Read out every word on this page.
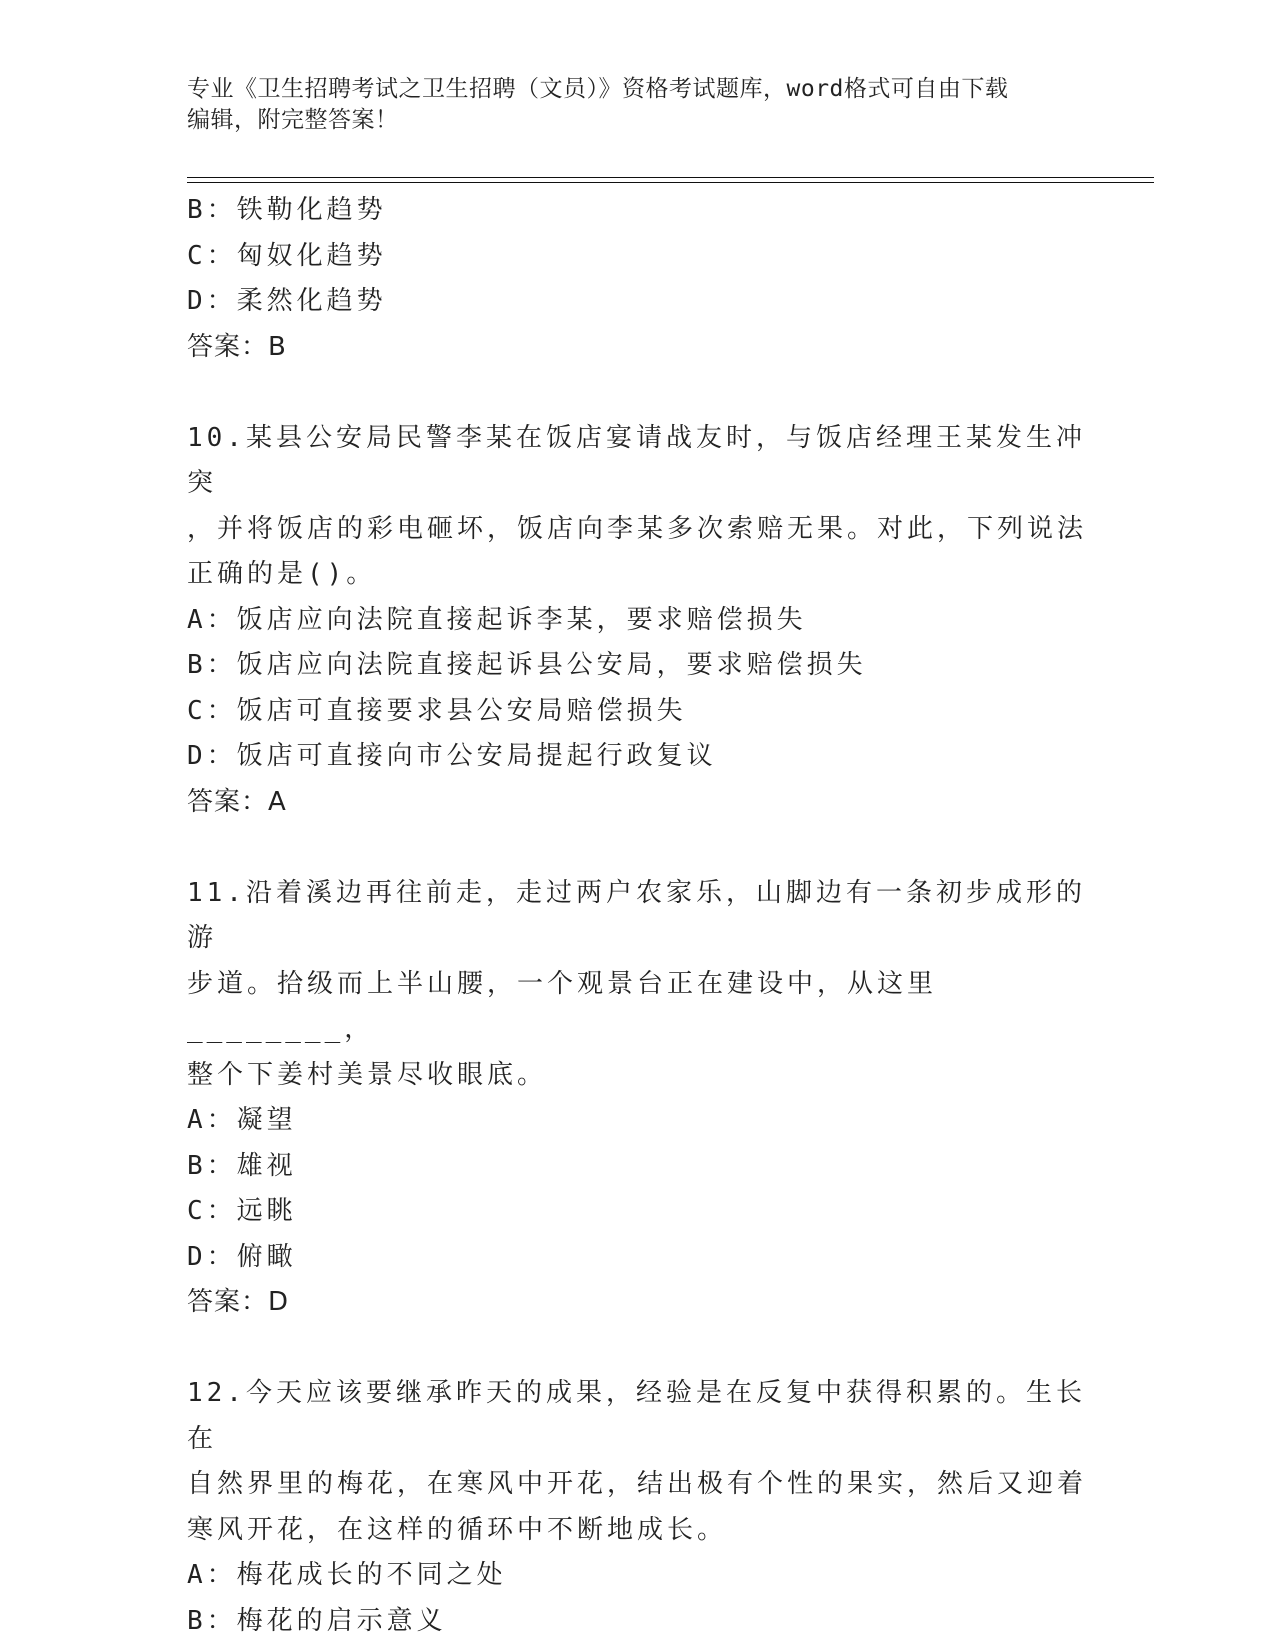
专业《卫生招聘考试之卫生招聘（文员）》资格考试题库，word格式可自由下载
编辑，附完整答案！
B：铁勒化趋势
C：匈奴化趋势
D：柔然化趋势
答案：B
10.某县公安局民警李某在饭店宴请战友时，与饭店经理王某发生冲突
，并将饭店的彩电砸坏，饭店向李某多次索赔无果。对此，下列说法
正确的是()。
A：饭店应向法院直接起诉李某，要求赔偿损失
B：饭店应向法院直接起诉县公安局，要求赔偿损失
C：饭店可直接要求县公安局赔偿损失
D：饭店可直接向市公安局提起行政复议
答案：A
11.沿着溪边再往前走，走过两户农家乐，山脚边有一条初步成形的游
步道。拾级而上半山腰，一个观景台正在建设中，从这里________，
整个下姜村美景尽收眼底。
A：凝望
B：雄视
C：远眺
D：俯瞰
答案：D
12.今天应该要继承昨天的成果，经验是在反复中获得积累的。生长在
自然界里的梅花，在寒风中开花，结出极有个性的果实，然后又迎着
寒风开花，在这样的循环中不断地成长。
A：梅花成长的不同之处
B：梅花的启示意义
